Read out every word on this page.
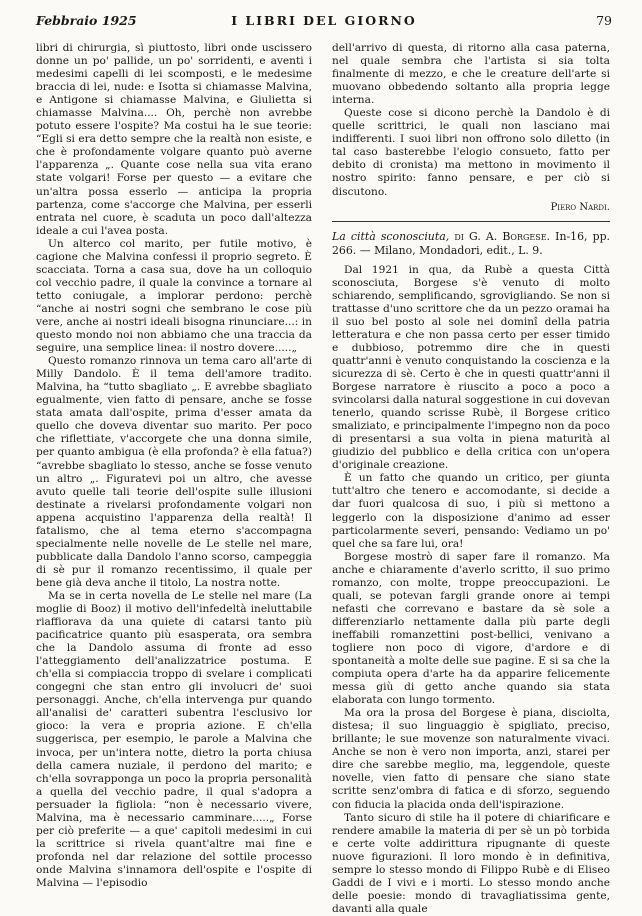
Febbraio 1925	I LIBRI DEL GIORNO	79

libri di chirurgia, sì piuttosto, libri onde uscissero donne un po' pallide, un po' sorridenti, e aventi i medesimi capelli di lei scomposti, e le medesime braccia di lei, nude: e Isotta si chiamasse Malvina, e Antigone si chiamasse Malvina, e Giulietta si chiamasse Malvina.... Oh, perchè non avrebbe potuto essere l'ospite? Ma costui ha le sue teorie: “Egli si era detto sempre che la realtà non esiste, e che è profondamente volgare quanto può averne l'apparenza „. Quante cose nella sua vita erano state volgari! Forse per questo — a evitare che un'altra possa esserlo — anticipa la propria partenza, come s'accorge che Malvina, per esserli entrata nel cuore, è scaduta un poco dall'altezza ideale a cui l'avea posta.

Un alterco col marito, per futile motivo, è cagione che Malvina confessi il proprio segreto. È scacciata. Torna a casa sua, dove ha un colloquio col vecchio padre, il quale la convince a tornare al tetto coniugale, a implorar perdono: perchè “anche ai nostri sogni che sembrano le cose più vere, anche ai nostri ideali bisogna rinunciare...: in questo mondo noi non abbiamo che una traccia da seguire, una semplice linea: il nostro dovere.....„

Questo romanzo rinnova un tema caro all'arte di Milly Dandolo. È il tema dell'amore tradito. Malvina, ha “tutto sbagliato „. E avrebbe sbagliato egualmente, vien fatto di pensare, anche se fosse stata amata dall'ospite, prima d'esser amata da quello che doveva diventar suo marito. Per poco che riflettiate, v'accorgete che una donna simile, per quanto ambigua (è ella profonda? è ella fatua?) “avrebbe sbagliato lo stesso, anche se fosse venuto un altro „. Figuratevi poi un altro, che avesse avuto quelle tali teorie dell'ospite sulle illusioni destinate a rivelarsi profondamente volgari non appena acquistino l'apparenza della realtà! Il fatalismo, che al tema eterno s'accompagna specialmente nelle novelle de Le stelle nel mare, pubblicate dalla Dandolo l'anno scorso, campeggia di sè pur il romanzo recentissimo, il quale per bene già deva anche il titolo, La nostra notte.

Ma se in certa novella de Le stelle nel mare (La moglie di Booz) il motivo dell'infedeltà ineluttabile riaffiorava da una quiete di catarsi tanto più pacificatrice quanto più esasperata, ora sembra che la Dandolo assuma di fronte ad esso l'atteggiamento dell'analizzatrice postuma. E ch'ella si compiaccia troppo di svelare i complicati congegni che stan entro gli involucri de' suoi personaggi. Anche, ch'ella intervenga pur quando all'analisi de' caratteri subentra l'esclusivo lor gioco: la vera e propria azione. E ch'ella suggerisca, per esempio, le parole a Malvina che invoca, per un'intera notte, dietro la porta chiusa della camera nuziale, il perdono del marito; e ch'ella sovrapponga un poco la propria personalità a quella del vecchio padre, il qual s'adopra a persuader la figliola: “non è necessario vivere, Malvina, ma è necessario camminare.....„ Forse per ciò preferite — a que' capitoli medesimi in cui la scrittrice si rivela quant'altre mai fine e profonda nel dar relazione del sottile processo onde Malvina s'innamora dell'ospite e l'ospite di Malvina — l'episodio

dell'arrivo di questa, di ritorno alla casa paterna, nel quale sembra che l'artista si sia tolta finalmente di mezzo, e che le creature dell'arte si muovano obbedendo soltanto alla propria legge interna.

Queste cose si dicono perchè la Dandolo è di quelle scrittrici, le quali non lasciano mai indifferenti. I suoi libri non offrono solo diletto (in tal caso basterebbe l'elogio consueto, fatto per debito di cronista) ma mettono in movimento il nostro spirito: fanno pensare, e per ciò si discutono.

Piero Nardi.

La città sconosciuta, di G. A. Borgese. In-16, pp. 266. — Milano, Mondadori, edit., L. 9.

Dal 1921 in qua, da Rubè a questa Città sconosciuta, Borgese s'è venuto di molto schiarendo, semplificando, sgrovigliando. Se non si trattasse d'uno scrittore che da un pezzo oramai ha il suo bel posto al sole nei dominî della patria letteratura e che non passa certo per esser timido e dubbioso, potremmo dire che in questi quattr'anni è venuto conquistando la coscienza e la sicurezza di sè. Certo è che in questi quattr'anni il Borgese narratore è riuscito a poco a poco a svincolarsi dalla natural soggestione in cui dovevan tenerlo, quando scrisse Rubè, il Borgese critico smaliziato, e principalmente l'impegno non da poco di presentarsi a sua volta in piena maturità al giudizio del pubblico e della critica con un'opera d'originale creazione.

È un fatto che quando un critico, per giunta tutt'altro che tenero e accomodante, si decide a dar fuori qualcosa di suo, i più si mettono a leggerlo con la disposizione d'animo ad esser particolarmente severi, pensando: Vediamo un po' quel che sa fare lui, ora!

Borgese mostrò di saper fare il romanzo. Ma anche e chiaramente d'averlo scritto, il suo primo romanzo, con molte, troppe preoccupazioni. Le quali, se potevan fargli grande onore ai tempi nefasti che correvano e bastare da sè sole a differenziarlo nettamente dalla più parte degli ineffabili romanzettini post-bellici, venivano a togliere non poco di vigore, d'ardore e di spontaneità a molte delle sue pagine. E si sa che la compiuta opera d'arte ha da apparire felicemente messa giù di getto anche quando sia stata elaborata con lungo tormento.

Ma ora la prosa del Borgese è piana, disciolta, distesa; il suo linguaggio è spigliato, preciso, brillante; le sue movenze son naturalmente vivaci. Anche se non è vero non importa, anzi, starei per dire che sarebbe meglio, ma, leggendole, queste novelle, vien fatto di pensare che siano state scritte senz'ombra di fatica e di sforzo, seguendo con fiducia la placida onda dell'ispirazione.

Tanto sicuro di stile ha il potere di chiarificare e rendere amabile la materia di per sè un pò torbida e certe volte addirittura ripugnante di queste nuove figurazioni. Il loro mondo è in definitiva, sempre lo stesso mondo di Filippo Rubè e di Eliseo Gaddi de I vivi e i morti. Lo stesso mondo anche delle poesie: mondo di travagliatissima gente, davanti alla quale
